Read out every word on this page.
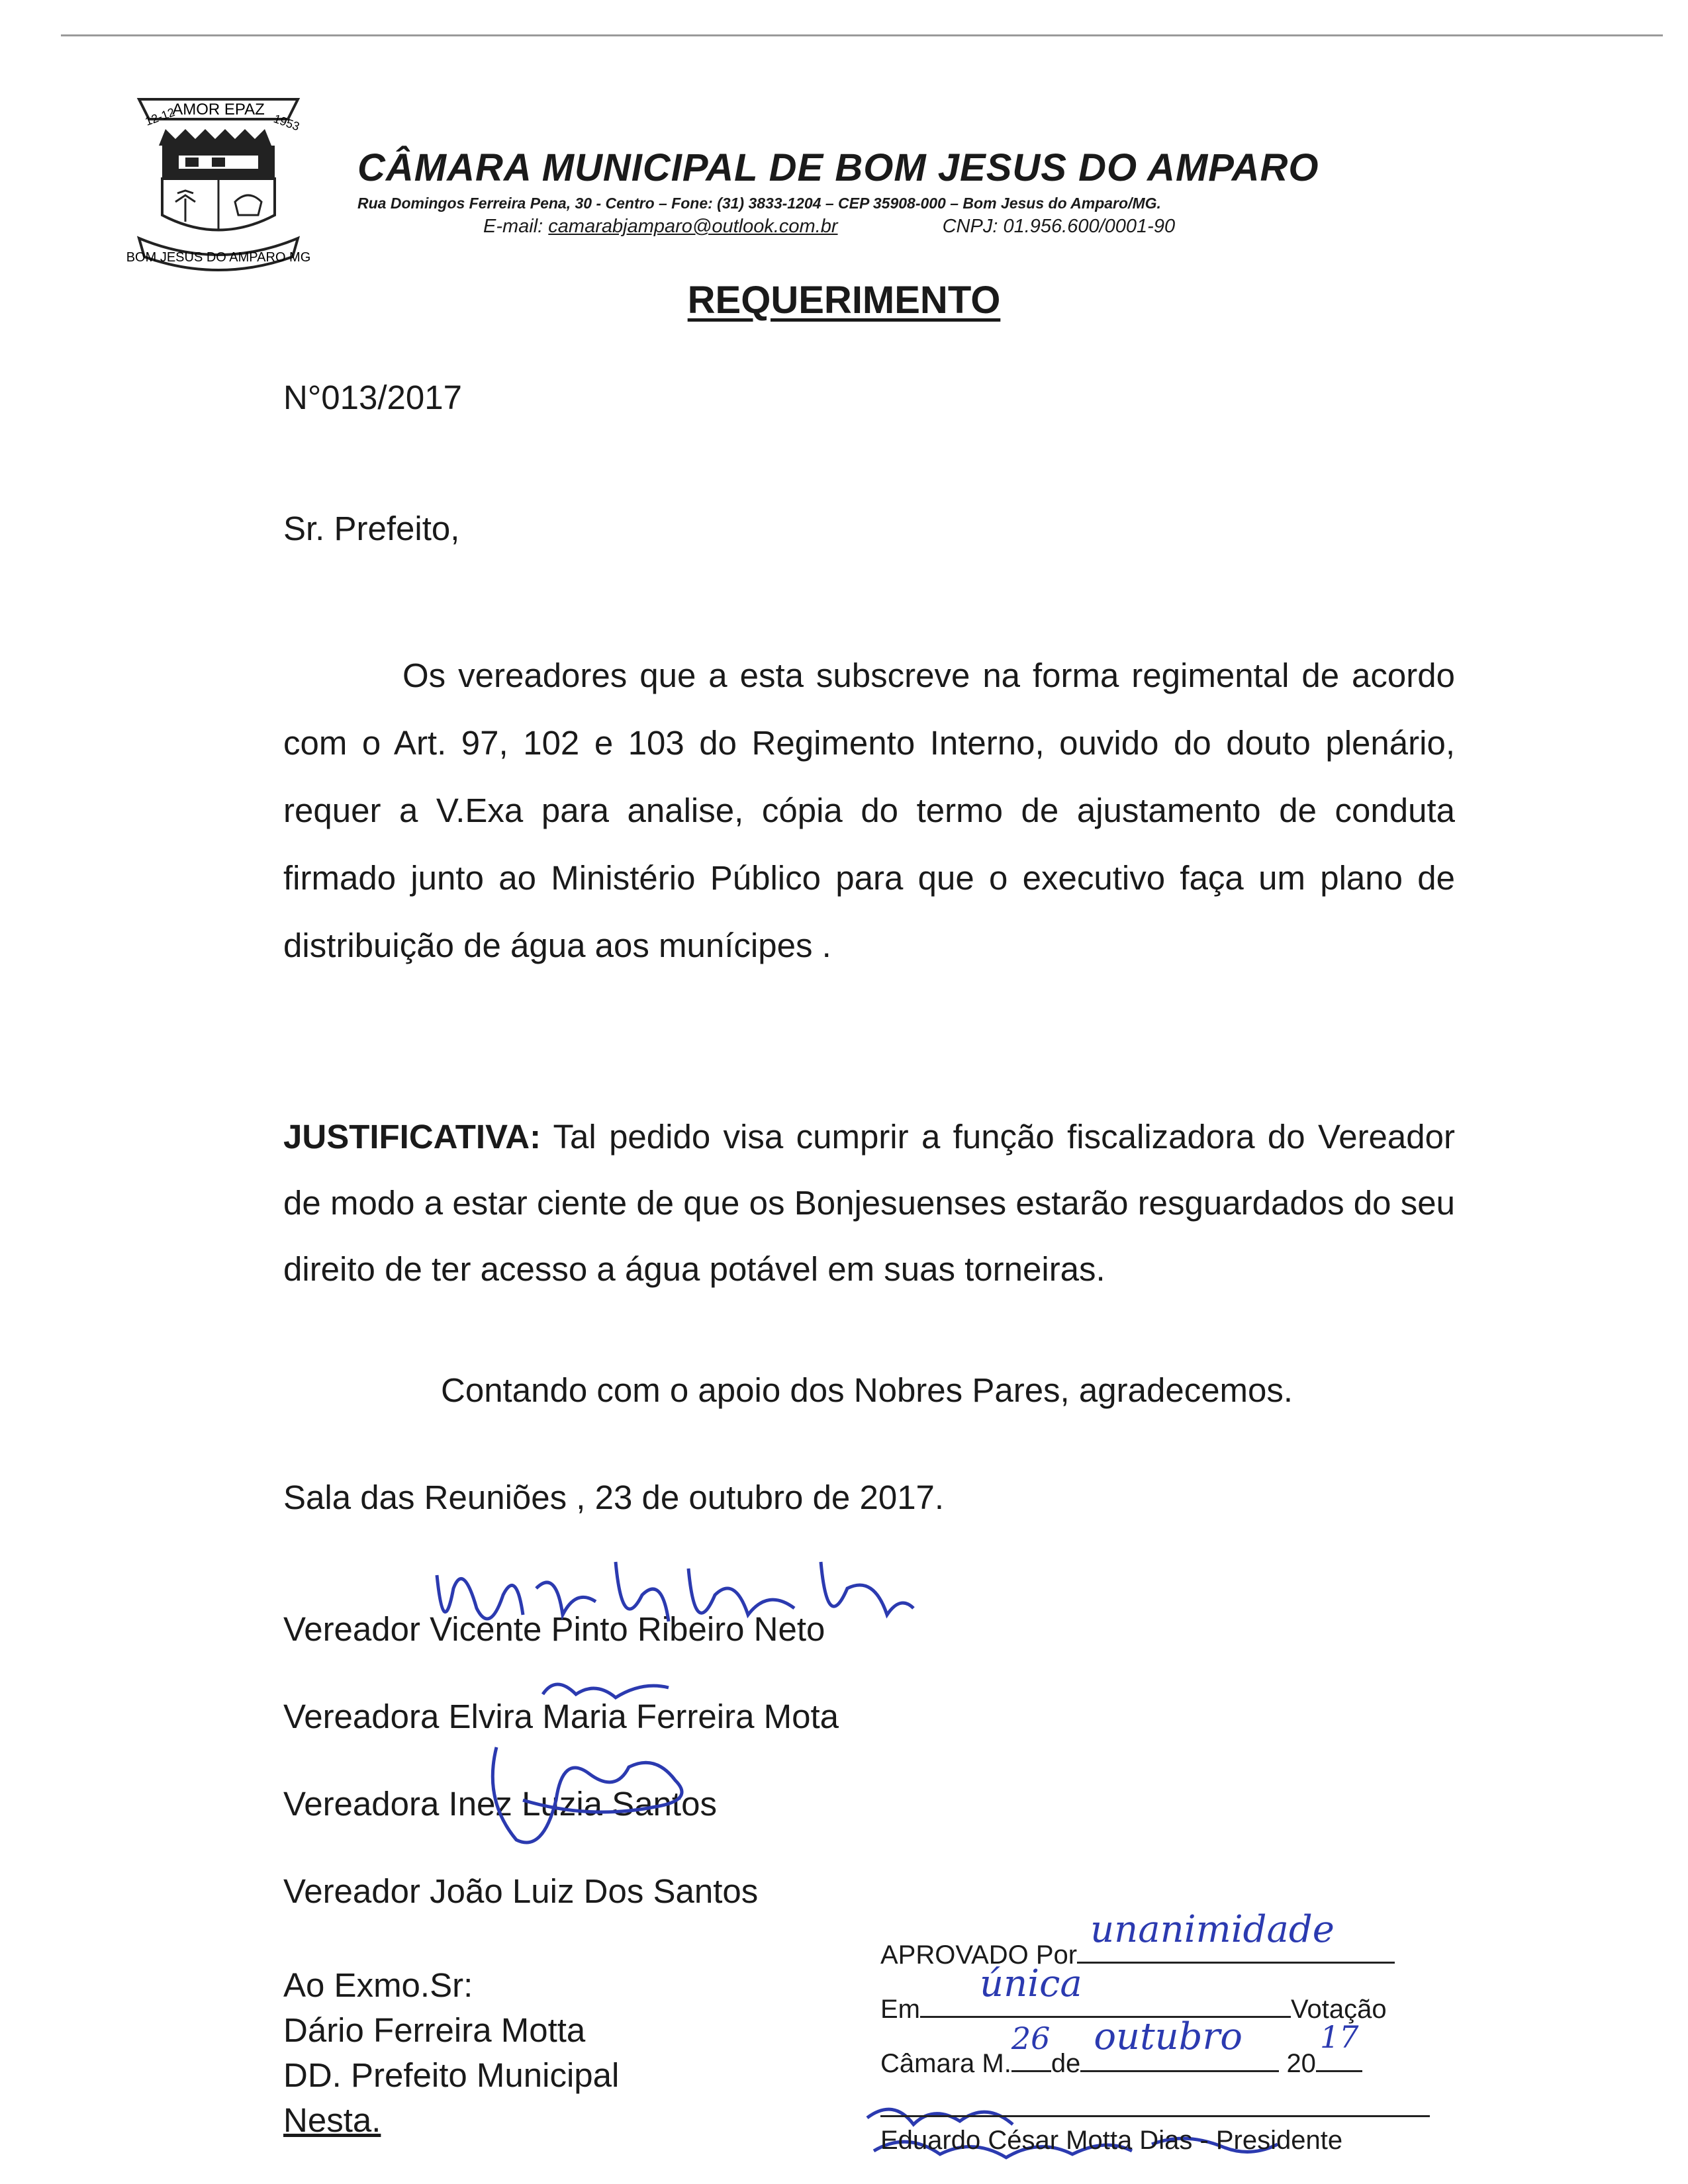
AMOR EPAZ
12-12	1953
BOM JESUS DO AMPARO MG
CÂMARA MUNICIPAL DE BOM JESUS DO AMPARO
Rua Domingos Ferreira Pena, 30 - Centro – Fone: (31) 3833-1204 – CEP 35908-000 – Bom Jesus do Amparo/MG.
E-mail: camarabjamparo@outlook.com.br	CNPJ: 01.956.600/0001-90
REQUERIMENTO
N°013/2017
Sr. Prefeito,
Os vereadores que a esta subscreve na forma regimental de acordo com o Art. 97, 102 e 103 do Regimento Interno, ouvido do douto plenário, requer a V.Exa para analise, cópia do termo de ajustamento de conduta firmado junto ao Ministério Público para que o executivo faça um plano de distribuição de água aos munícipes .
JUSTIFICATIVA: Tal pedido visa cumprir a função fiscalizadora do Vereador de modo a estar ciente de que os Bonjesuenses estarão resguardados do seu direito de ter acesso a água potável em suas torneiras.
Contando com o apoio dos Nobres Pares, agradecemos.
Sala das Reuniões , 23 de outubro de 2017.
Vereador Vicente Pinto Ribeiro Neto
Vereadora Elvira Maria Ferreira Mota
Vereadora Inez Luzia Santos
Vereador João Luiz Dos Santos
Ao Exmo.Sr:
Dário Ferreira Motta
DD. Prefeito Municipal
Nesta.
APROVADO Por
unanimidade
Em
única
Votação
Câmara M.
26
de
outubro
20
17
Eduardo César Motta Dias - Presidente
